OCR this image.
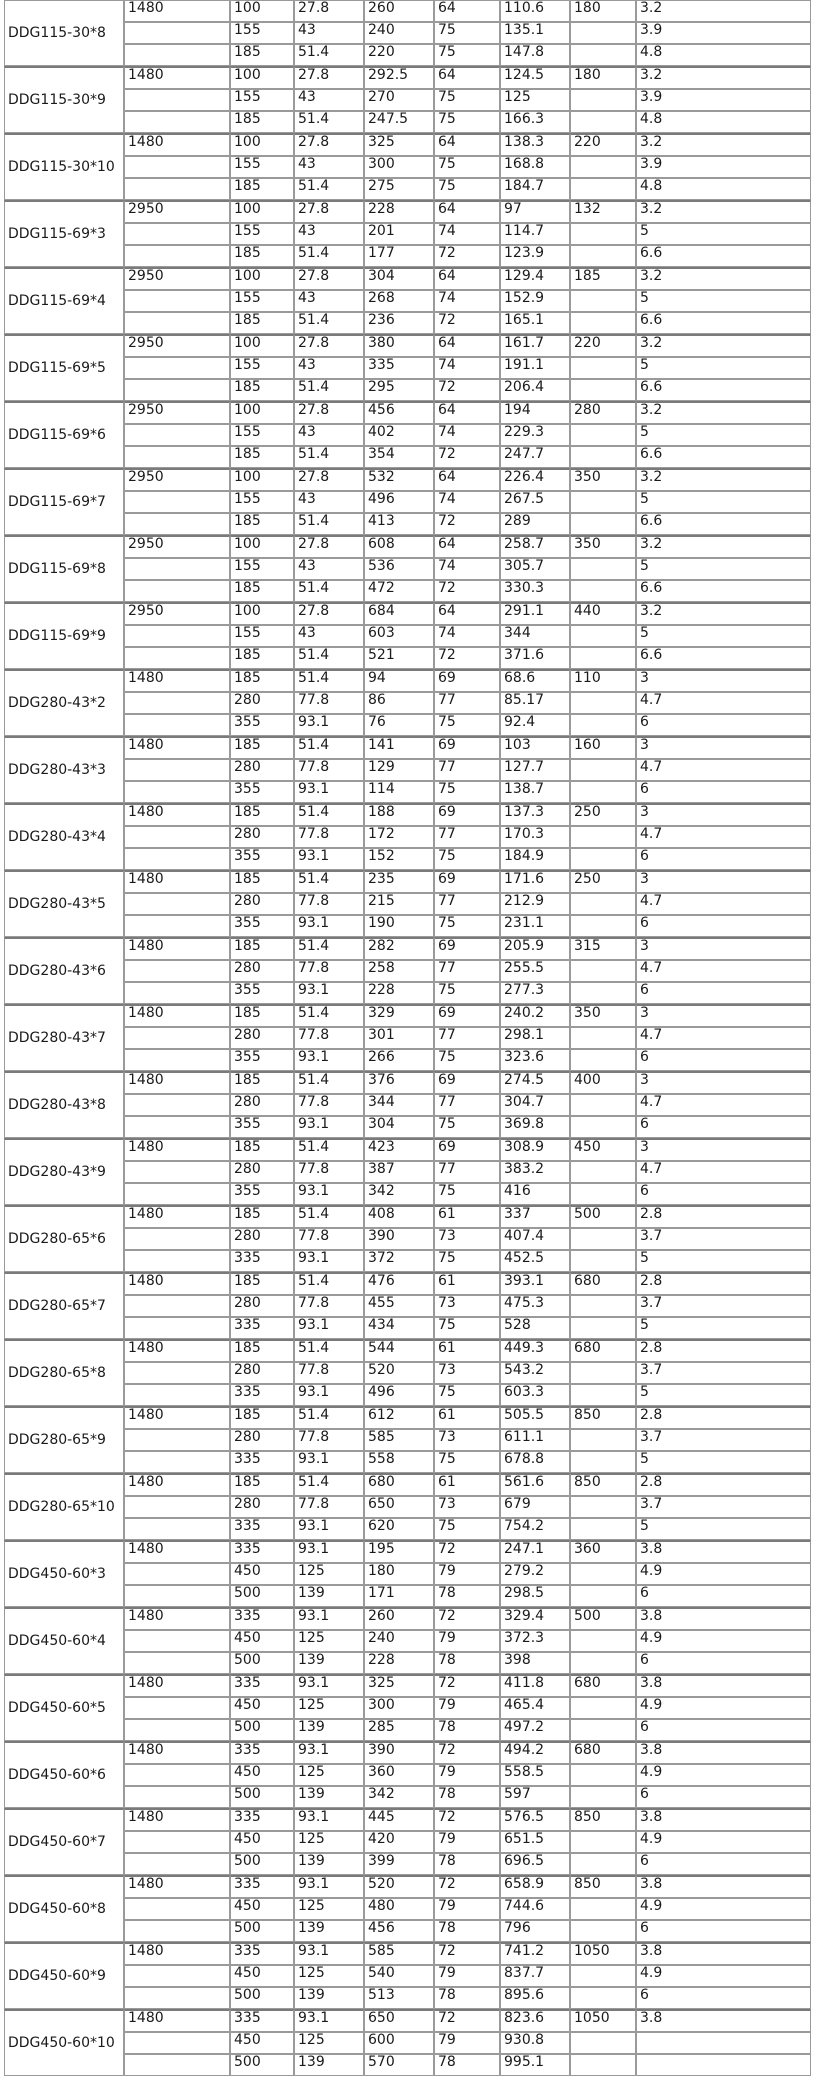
DDG115-30*8	1480	100	27.8	260	64	110.6	180	3.2
		155	43	240	75	135.1		3.9
		185	51.4	220	75	147.8		4.8
DDG115-30*9	1480	100	27.8	292.5	64	124.5	180	3.2
		155	43	270	75	125		3.9
		185	51.4	247.5	75	166.3		4.8
DDG115-30*10	1480	100	27.8	325	64	138.3	220	3.2
		155	43	300	75	168.8		3.9
		185	51.4	275	75	184.7		4.8
DDG115-69*3	2950	100	27.8	228	64	97	132	3.2
		155	43	201	74	114.7		5
		185	51.4	177	72	123.9		6.6
DDG115-69*4	2950	100	27.8	304	64	129.4	185	3.2
		155	43	268	74	152.9		5
		185	51.4	236	72	165.1		6.6
DDG115-69*5	2950	100	27.8	380	64	161.7	220	3.2
		155	43	335	74	191.1		5
		185	51.4	295	72	206.4		6.6
DDG115-69*6	2950	100	27.8	456	64	194	280	3.2
		155	43	402	74	229.3		5
		185	51.4	354	72	247.7		6.6
DDG115-69*7	2950	100	27.8	532	64	226.4	350	3.2
		155	43	496	74	267.5		5
		185	51.4	413	72	289		6.6
DDG115-69*8	2950	100	27.8	608	64	258.7	350	3.2
		155	43	536	74	305.7		5
		185	51.4	472	72	330.3		6.6
DDG115-69*9	2950	100	27.8	684	64	291.1	440	3.2
		155	43	603	74	344		5
		185	51.4	521	72	371.6		6.6
DDG280-43*2	1480	185	51.4	94	69	68.6	110	3
		280	77.8	86	77	85.17		4.7
		355	93.1	76	75	92.4		6
DDG280-43*3	1480	185	51.4	141	69	103	160	3
		280	77.8	129	77	127.7		4.7
		355	93.1	114	75	138.7		6
DDG280-43*4	1480	185	51.4	188	69	137.3	250	3
		280	77.8	172	77	170.3		4.7
		355	93.1	152	75	184.9		6
DDG280-43*5	1480	185	51.4	235	69	171.6	250	3
		280	77.8	215	77	212.9		4.7
		355	93.1	190	75	231.1		6
DDG280-43*6	1480	185	51.4	282	69	205.9	315	3
		280	77.8	258	77	255.5		4.7
		355	93.1	228	75	277.3		6
DDG280-43*7	1480	185	51.4	329	69	240.2	350	3
		280	77.8	301	77	298.1		4.7
		355	93.1	266	75	323.6		6
DDG280-43*8	1480	185	51.4	376	69	274.5	400	3
		280	77.8	344	77	304.7		4.7
		355	93.1	304	75	369.8		6
DDG280-43*9	1480	185	51.4	423	69	308.9	450	3
		280	77.8	387	77	383.2		4.7
		355	93.1	342	75	416		6
DDG280-65*6	1480	185	51.4	408	61	337	500	2.8
		280	77.8	390	73	407.4		3.7
		335	93.1	372	75	452.5		5
DDG280-65*7	1480	185	51.4	476	61	393.1	680	2.8
		280	77.8	455	73	475.3		3.7
		335	93.1	434	75	528		5
DDG280-65*8	1480	185	51.4	544	61	449.3	680	2.8
		280	77.8	520	73	543.2		3.7
		335	93.1	496	75	603.3		5
DDG280-65*9	1480	185	51.4	612	61	505.5	850	2.8
		280	77.8	585	73	611.1		3.7
		335	93.1	558	75	678.8		5
DDG280-65*10	1480	185	51.4	680	61	561.6	850	2.8
		280	77.8	650	73	679		3.7
		335	93.1	620	75	754.2		5
DDG450-60*3	1480	335	93.1	195	72	247.1	360	3.8
		450	125	180	79	279.2		4.9
		500	139	171	78	298.5		6
DDG450-60*4	1480	335	93.1	260	72	329.4	500	3.8
		450	125	240	79	372.3		4.9
		500	139	228	78	398		6
DDG450-60*5	1480	335	93.1	325	72	411.8	680	3.8
		450	125	300	79	465.4		4.9
		500	139	285	78	497.2		6
DDG450-60*6	1480	335	93.1	390	72	494.2	680	3.8
		450	125	360	79	558.5		4.9
		500	139	342	78	597		6
DDG450-60*7	1480	335	93.1	445	72	576.5	850	3.8
		450	125	420	79	651.5		4.9
		500	139	399	78	696.5		6
DDG450-60*8	1480	335	93.1	520	72	658.9	850	3.8
		450	125	480	79	744.6		4.9
		500	139	456	78	796		6
DDG450-60*9	1480	335	93.1	585	72	741.2	1050	3.8
		450	125	540	79	837.7		4.9
		500	139	513	78	895.6		6
DDG450-60*10	1480	335	93.1	650	72	823.6	1050	3.8
		450	125	600	79	930.8		
		500	139	570	78	995.1		
